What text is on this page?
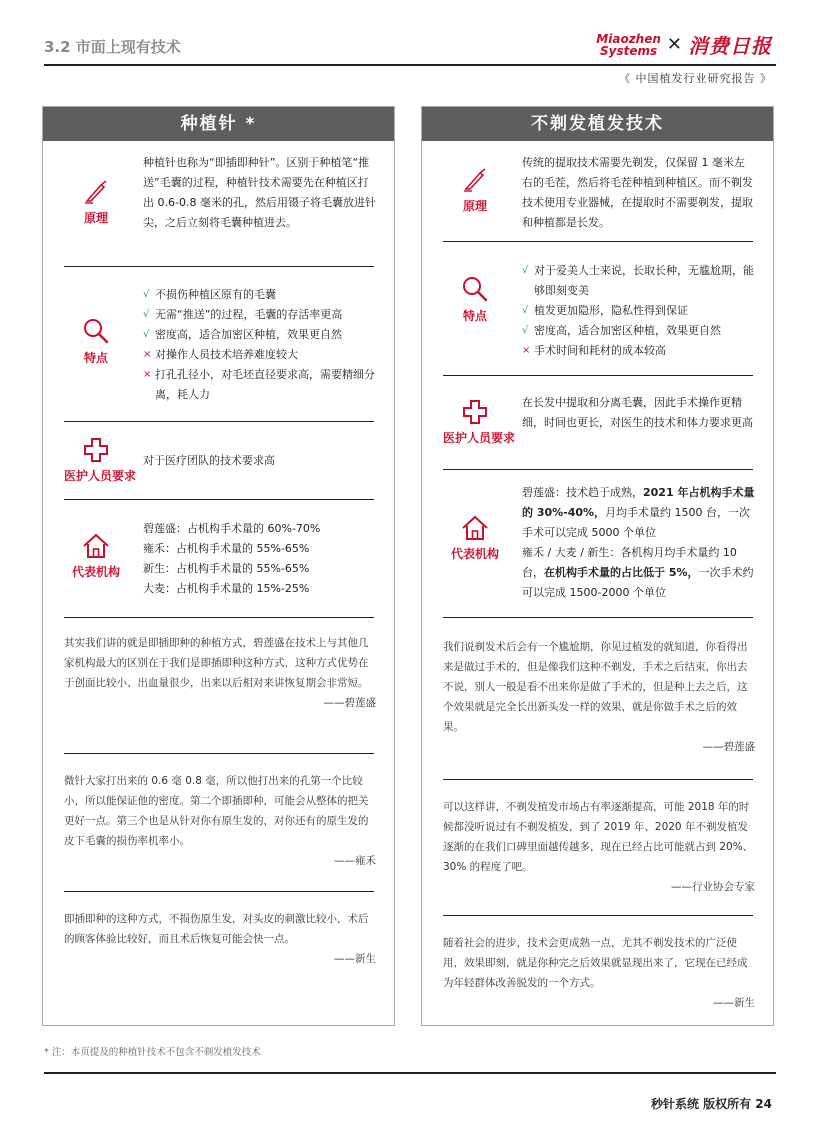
3.2 市面上现有技术	Miaozhen
Systems ✕ 消费日报
《 中国植发行业研究报告 》
种植针 *
原理
种植针也称为“即插即种针”。区别于种植笔“推送”毛囊的过程，种植针技术需要先在种植区打出 0.6-0.8 毫米的孔，然后用镊子将毛囊放进针尖，之后立刻将毛囊种植进去。
特点
√ 不损伤种植区原有的毛囊
√ 无需“推送”的过程，毛囊的存活率更高
√ 密度高，适合加密区种植，效果更自然
× 对操作人员技术培养难度较大
× 打孔孔径小，对毛坯直径要求高，需要精细分离，耗人力
医护人员要求
对于医疗团队的技术要求高
代表机构
碧莲盛：占机构手术量的 60%-70%
雍禾：占机构手术量的 55%-65%
新生：占机构手术量的 55%-65%
大麦：占机构手术量的 15%-25%
其实我们讲的就是即插即种的种植方式，碧莲盛在技术上与其他几家机构最大的区别在于我们是即插即种这种方式，这种方式优势在于创面比较小、出血量很少，出来以后相对来讲恢复期会非常短。
——碧莲盛
微针大家打出来的 0.6 毫 0.8 毫，所以他打出来的孔第一个比较小，所以能保证他的密度。第二个即插即种，可能会从整体的把关更好一点。第三个也是从针对你有原生发的，对你还有的原生发的皮下毛囊的损伤率机率小。
——雍禾
即插即种的这种方式，不损伤原生发，对头皮的刺激比较小，术后的顾客体验比较好，而且术后恢复可能会快一点。
——新生
不剃发植发技术
原理
传统的提取技术需要先剃发，仅保留 1 毫米左右的毛茬，然后将毛茬种植到种植区。而不剃发技术使用专业器械，在提取时不需要剃发，提取和种植都是长发。
特点
√ 对于爱美人士来说，长取长种，无尴尬期，能够即刻变美
√ 植发更加隐形，隐私性得到保证
√ 密度高，适合加密区种植，效果更自然
× 手术时间和耗材的成本较高
医护人员要求
在长发中提取和分离毛囊，因此手术操作更精细，时间也更长，对医生的技术和体力要求更高
代表机构
碧莲盛：技术趋于成熟，2021 年占机构手术量的 30%-40%，月均手术量约 1500 台，一次手术可以完成 5000 个单位
雍禾 / 大麦 / 新生：各机构月均手术量约 10 台，在机构手术量的占比低于 5%，一次手术约可以完成 1500-2000 个单位
我们说剃发术后会有一个尴尬期，你见过植发的就知道，你看得出来是做过手术的，但是像我们这种不剃发，手术之后结束，你出去不说，别人一般是看不出来你是做了手术的，但是种上去之后，这个效果就是完全长出新头发一样的效果，就是你做手术之后的效果。
——碧莲盛
可以这样讲，不剃发植发市场占有率逐渐提高，可能 2018 年的时候都没听说过有不剃发植发，到了 2019 年、2020 年不剃发植发逐渐的在我们口碑里面越传越多，现在已经占比可能就占到 20%、30% 的程度了吧。
——行业协会专家
随着社会的进步，技术会更成熟一点，尤其不剃发技术的广泛使用，效果即刻，就是你种完之后效果就显现出来了，它现在已经成为年轻群体改善脱发的一个方式。
——新生
* 注：本页提及的种植针技术不包含不剃发植发技术
秒针系统 版权所有 24
